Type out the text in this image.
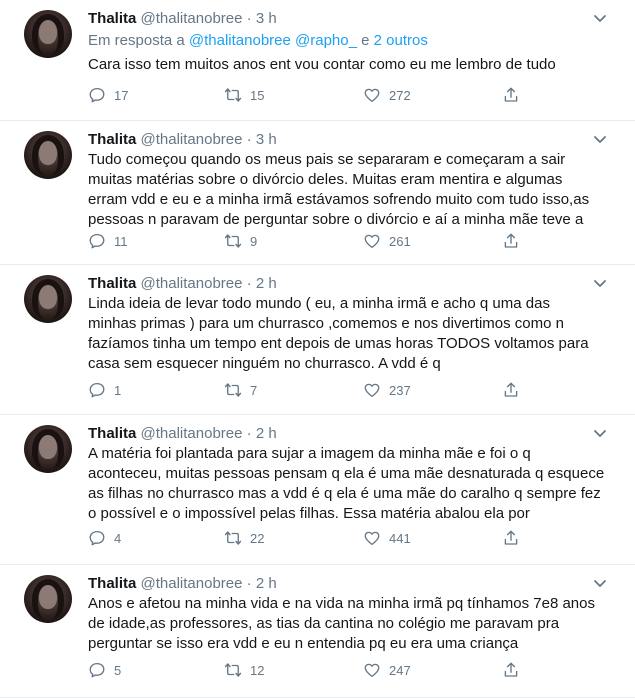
Thalita @thalitanobree · 3 h
Em resposta a @thalitanobree @rapho_ e 2 outros
Cara isso tem muitos anos ent vou contar como eu me lembro de tudo
17	15	272
Thalita @thalitanobree · 3 h
Tudo começou quando os meus pais se separaram e começaram a sair
muitas matérias sobre o divórcio deles. Muitas eram mentira e algumas
erram vdd e eu e a minha irmã estávamos sofrendo muito com tudo isso,as
pessoas n paravam de perguntar sobre o divórcio e aí a minha mãe teve a
11	9	261
Thalita @thalitanobree · 2 h
Linda ideia de levar todo mundo ( eu, a minha irmã e acho q uma das
minhas primas ) para um churrasco ,comemos e nos divertimos como n
fazíamos tinha um tempo ent depois de umas horas TODOS voltamos para
casa sem esquecer ninguém no churrasco. A vdd é q
1	7	237
Thalita @thalitanobree · 2 h
A matéria foi plantada para sujar a imagem da minha mãe e foi o q
aconteceu, muitas pessoas pensam q ela é uma mãe desnaturada q esquece
as filhas no churrasco mas a vdd é q ela é uma mãe do caralho q sempre fez
o possível e o impossível pelas filhas. Essa matéria abalou ela por
4	22	441
Thalita @thalitanobree · 2 h
Anos e afetou na minha vida e na vida na minha irmã pq tínhamos 7e8 anos
de idade,as professores, as tias da cantina no colégio me paravam pra
perguntar se isso era vdd e eu n entendia pq eu era uma criança
5	12	247
